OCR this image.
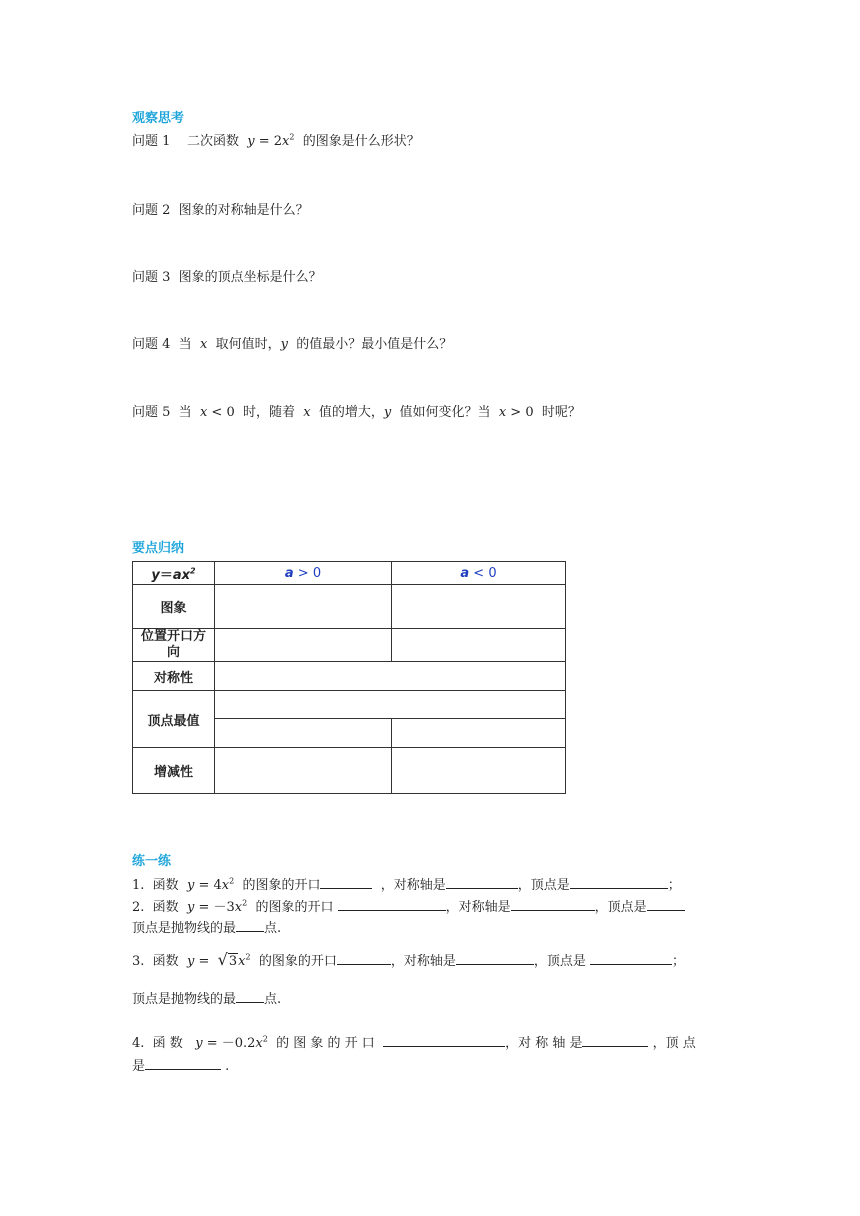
观察思考
问题 1 二次函数 $y = 2x^2$ 的图象是什么形状？
问题 2 图象的对称轴是什么？
问题 3 图象的顶点坐标是什么？
问题 4 当 x 取何值时，y 的值最小？最小值是什么？
问题 5 当 x < 0 时，随着 x 值的增大，y 值如何变化？当 x > 0 时呢？
要点归纳
$y=ax^2$	a > 0	a < 0
图象		
位置开口方向		
对称性		
顶点最值		

增减性		
练一练
1. 函数 $y = 4x^2$ 的图象的开口	，对称轴是	，顶点是	；
2. 函数 $y = -3x^2$ 的图象的开口	，对称轴是	，顶点是
顶点是抛物线的最 点.
3. 函数 $y = √3x^2$ 的图象的开口	，对称轴是	，顶点是	；
顶点是抛物线的最 点.
4. 函 数 $y = -0.2x^2$ 的 图 象 的 开 口	，对 称 轴 是	，顶 点
是	.
